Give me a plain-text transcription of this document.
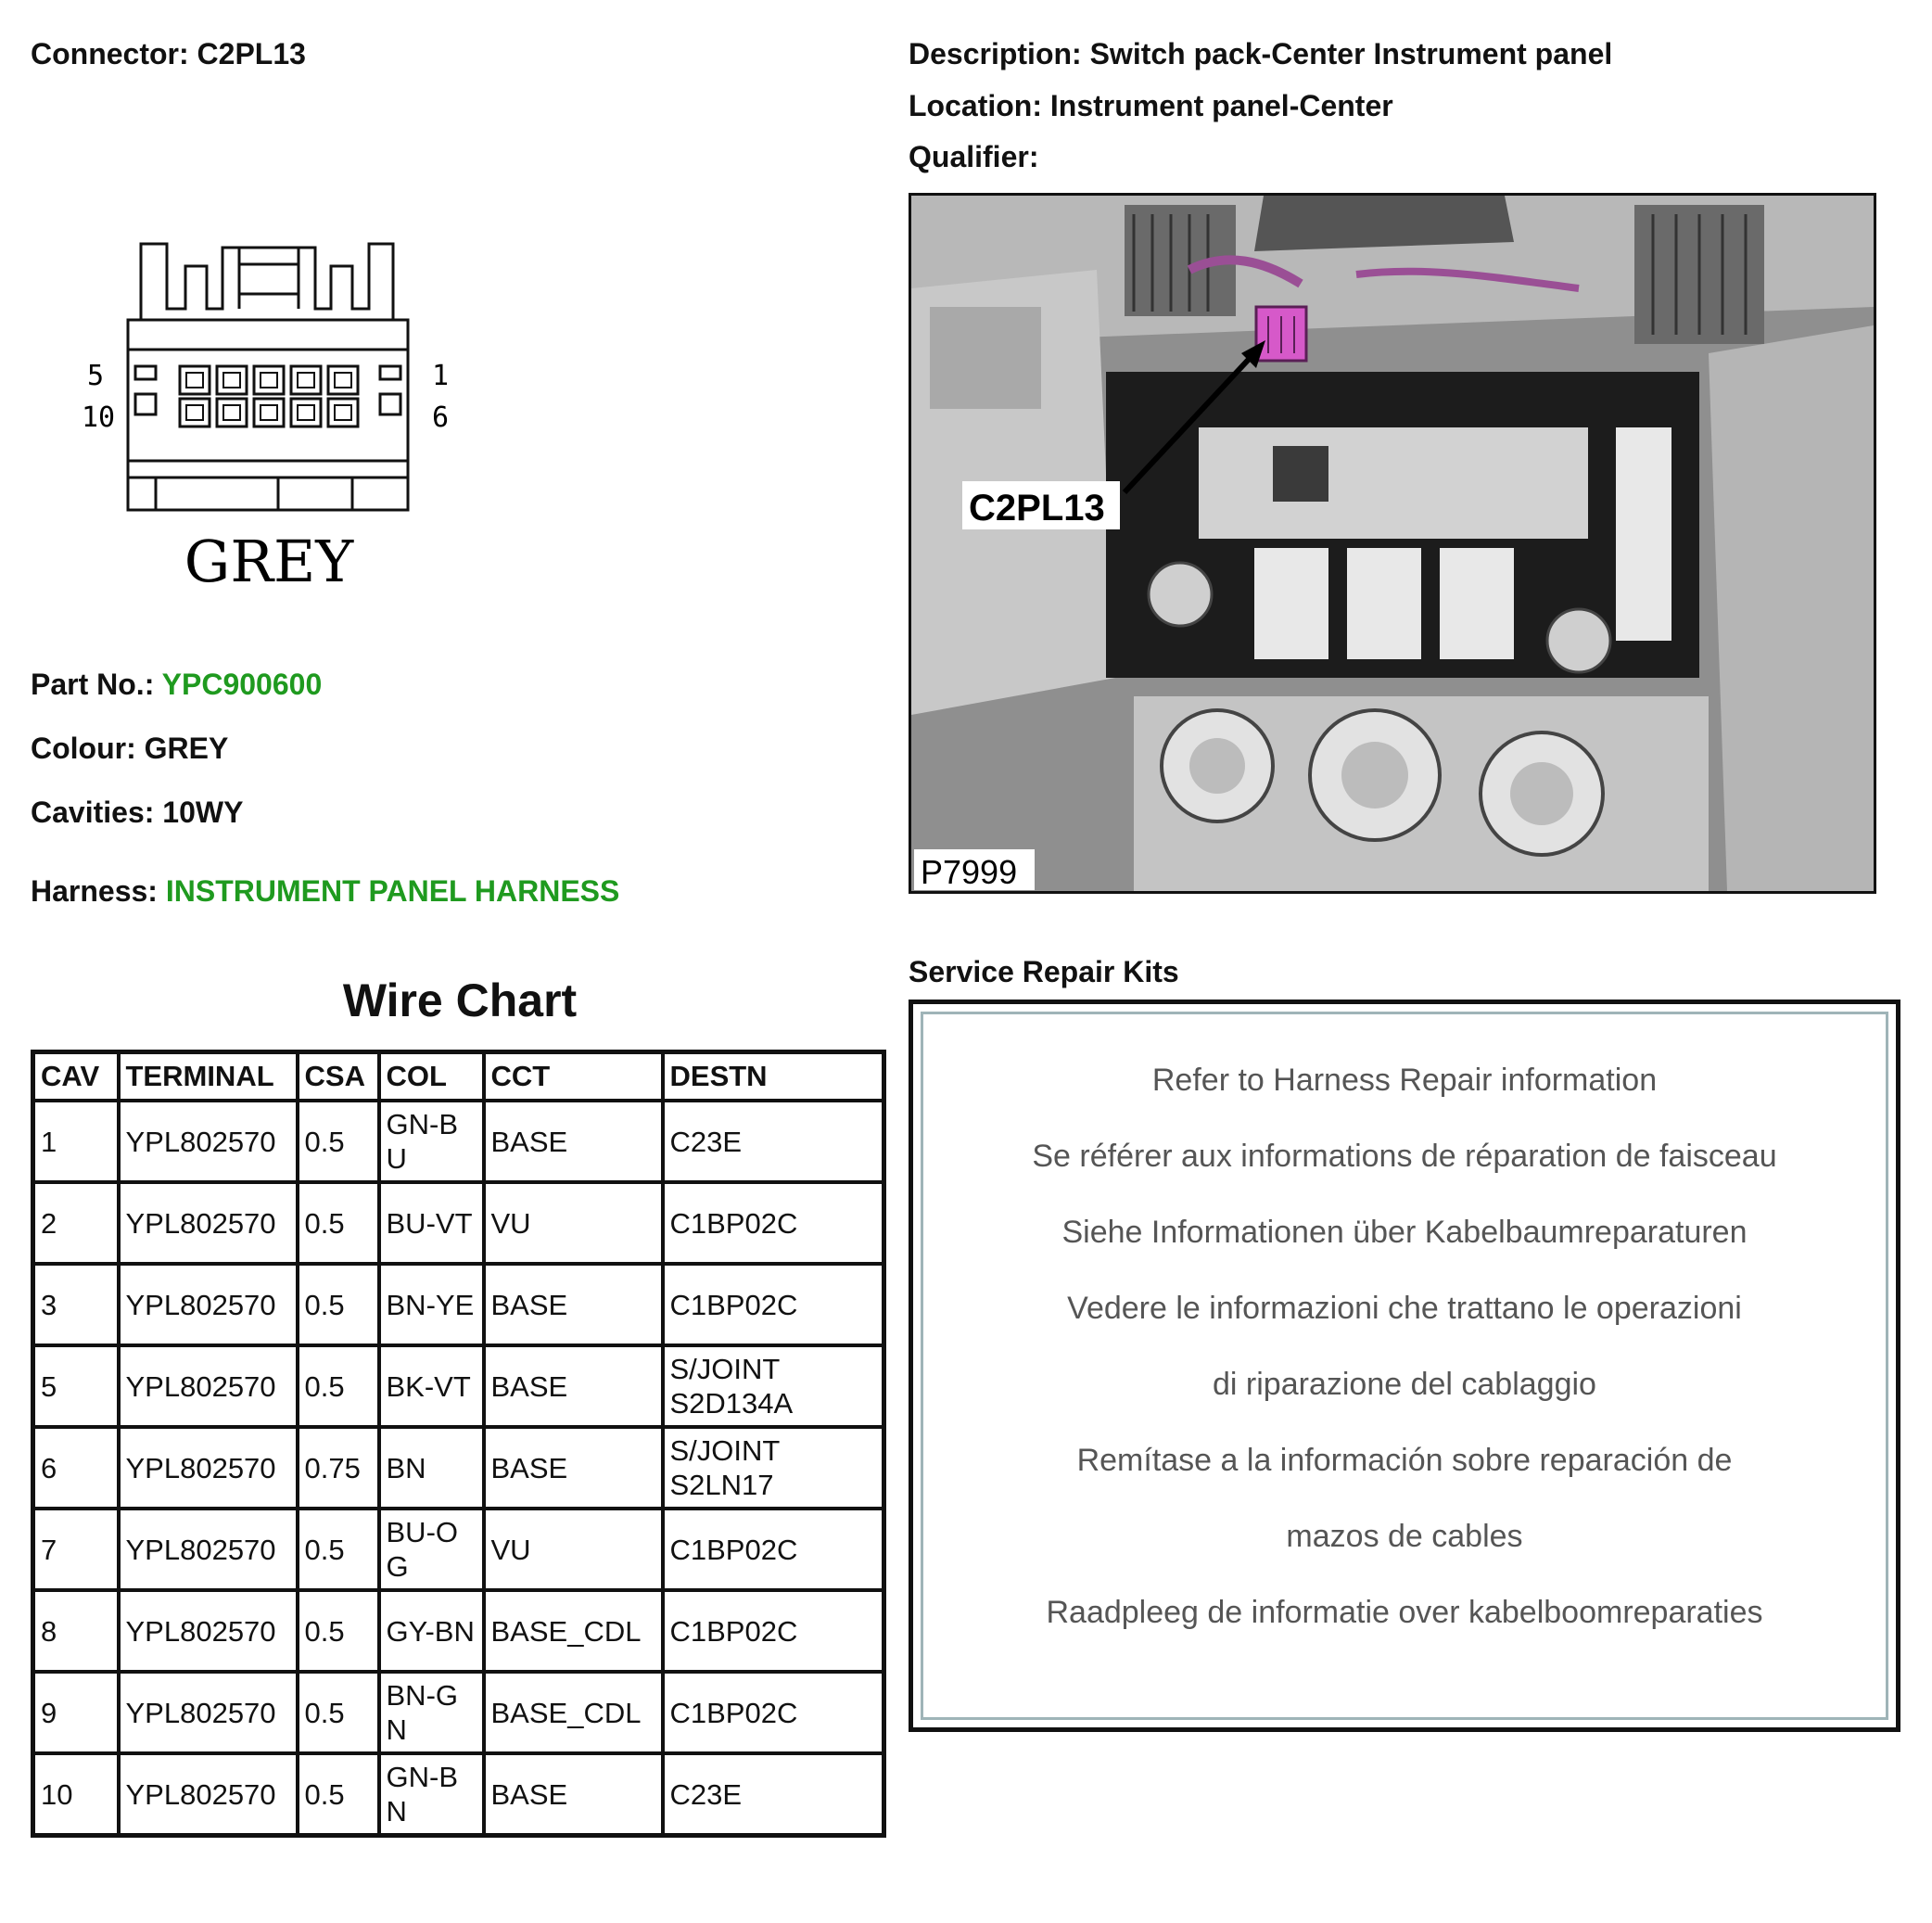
Connector: C2PL13	Description: Switch pack-Center Instrument panel
Location: Instrument panel-Center
Qualifier:
5
10
1
6
GREY
Part No.: YPC900600
Colour: GREY
Cavities: 10WY
Harness: INSTRUMENT PANEL HARNESS
C2PL13
P7999
Wire Chart
CAV	TERMINAL	CSA	COL	CCT	DESTN
1	YPL802570	0.5	GN-BU	BASE	C23E
2	YPL802570	0.5	BU-VT	VU	C1BP02C
3	YPL802570	0.5	BN-YE	BASE	C1BP02C
5	YPL802570	0.5	BK-VT	BASE	S/JOINT S2D134A
6	YPL802570	0.75	BN	BASE	S/JOINT S2LN17
7	YPL802570	0.5	BU-OG	VU	C1BP02C
8	YPL802570	0.5	GY-BN	BASE_CDL	C1BP02C
9	YPL802570	0.5	BN-GN	BASE_CDL	C1BP02C
10	YPL802570	0.5	GN-BN	BASE	C23E
Service Repair Kits
Refer to Harness Repair information
Se référer aux informations de réparation de faisceau
Siehe Informationen über Kabelbaumreparaturen
Vedere le informazioni che trattano le operazioni
di riparazione del cablaggio
Remítase a la información sobre reparación de
mazos de cables
Raadpleeg de informatie over kabelboomreparaties
